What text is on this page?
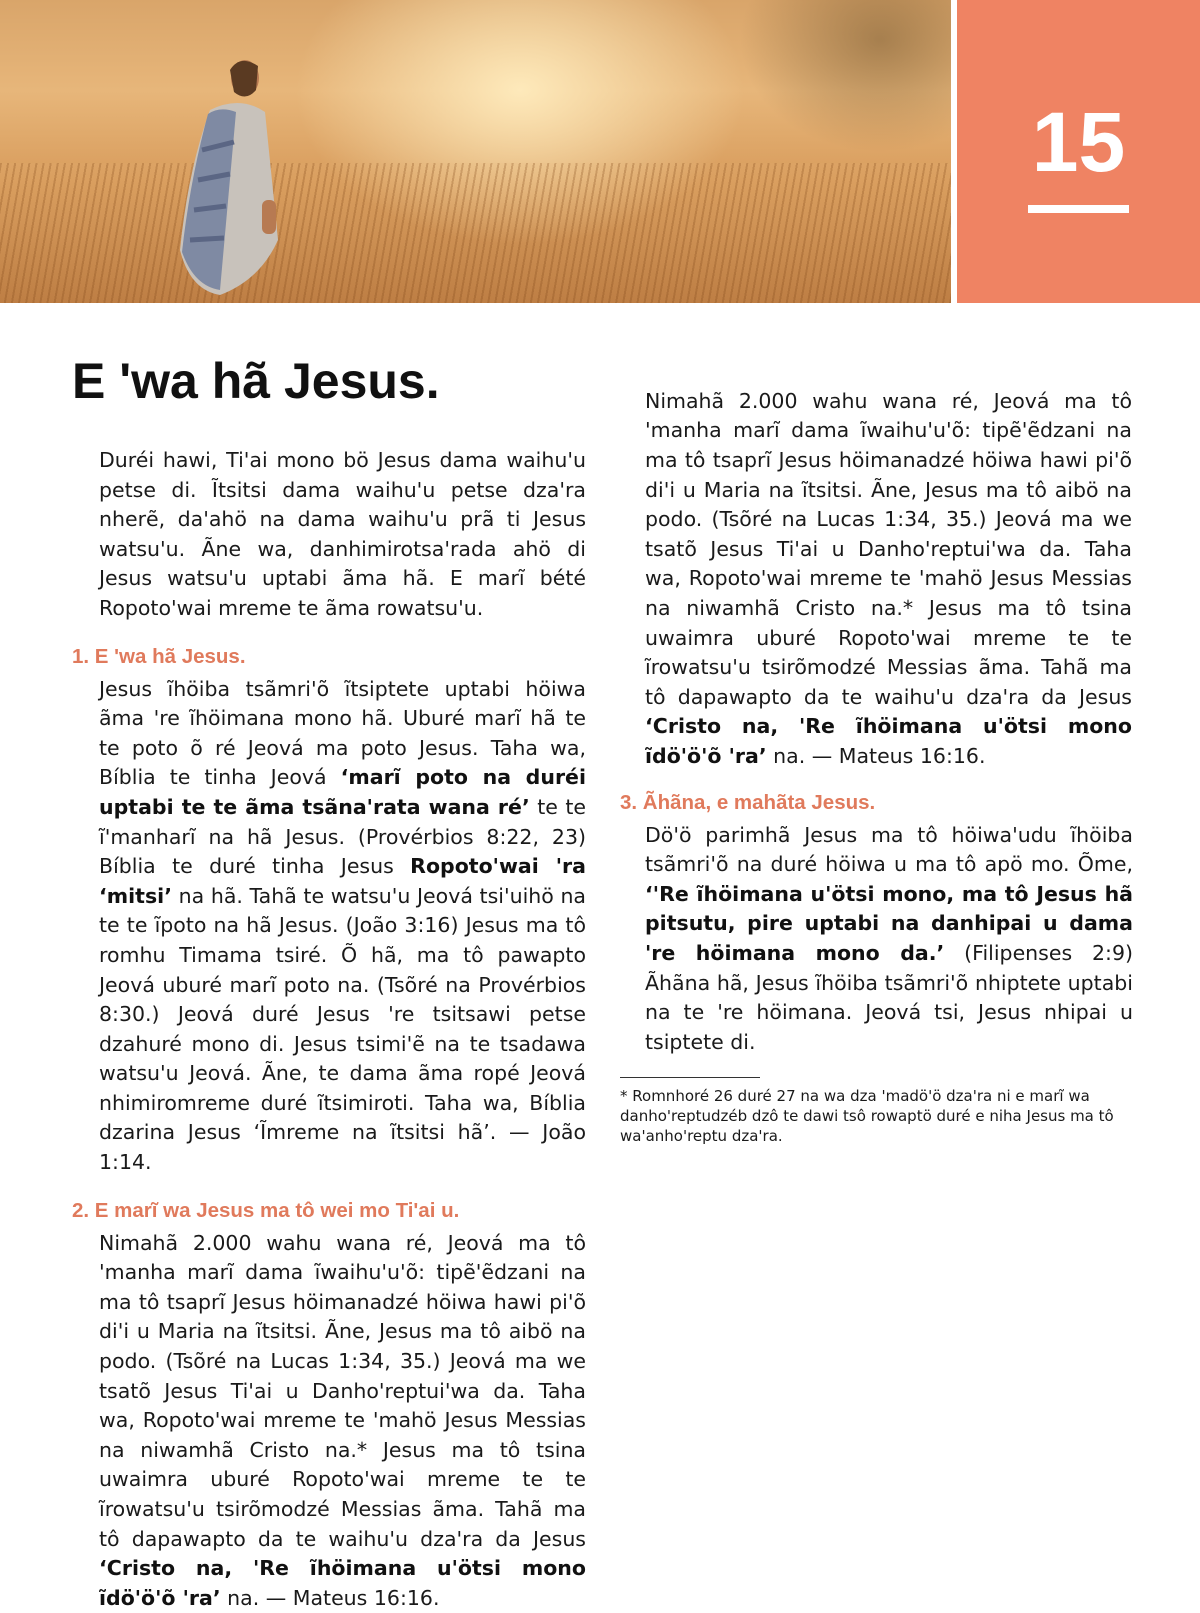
15
E 'wa hã Jesus.

Duréi hawi, Ti'ai mono bö Jesus dama waihu'u petse di. Ĩtsitsi dama waihu'u petse dza'ra nherẽ, da'ahö na dama waihu'u prã ti Jesus watsu'u. Ãne wa, danhimirotsa'rada ahö di Jesus watsu'u uptabi ãma hã. E marĩ bété Ropoto'wai mreme te ãma rowatsu'u.

1. E 'wa hã Jesus.

Jesus ĩhöiba tsãmri'õ ĩtsiptete uptabi höiwa ãma 're ĩhöimana mono hã. Uburé marĩ hã te te poto õ ré Jeová ma poto Jesus. Taha wa, Bíblia te tinha Jeová ‘marĩ poto na duréi uptabi te te ãma tsãna'rata wana ré’ te te ĩ'manharĩ na hã Jesus. (Provérbios 8:22, 23) Bíblia te duré tinha Jesus Ropoto'wai 'ra ‘mitsi’ na hã. Tahã te watsu'u Jeová tsi'uihö na te te ĩpoto na hã Jesus. (João 3:16) Jesus ma tô romhu Timama tsiré. Õ hã, ma tô pawapto Jeová uburé marĩ poto na. (Tsõré na Provérbios 8:30.) Jeová duré Jesus 're tsitsawi petse dzahuré mono di. Jesus tsimi'ẽ na te tsadawa watsu'u Jeová. Ãne, te dama ãma ropé Jeová nhimiromreme duré ĩtsimiroti. Taha wa, Bíblia dzarina Jesus ‘Ĩmreme na ĩtsitsi hã’. — João 1:14.

2. E marĩ wa Jesus ma tô wei mo Ti'ai u.

Nimahã 2.000 wahu wana ré, Jeová ma tô 'manha marĩ dama ĩwaihu'u'õ: tipẽ'ẽdzani na ma tô tsaprĩ Jesus höimanadzé höiwa hawi pi'õ di'i u Maria na ĩtsitsi. Ãne, Jesus ma tô aibö na podo. (Tsõré na Lucas 1:34, 35.) Jeová ma we tsatõ Jesus Ti'ai u Danho'reptui'wa da. Taha wa, Ropoto'wai mreme te 'mahö Jesus Messias na niwamhã Cristo na.* Jesus ma tô tsina uwaimra uburé Ropoto'wai mreme te te ĩrowatsu'u tsirõmodzé Messias ãma. Tahã ma tô dapawapto da te waihu'u dza'ra da Jesus ‘Cristo na, 'Re ĩhöimana u'ötsi mono ĩdö'ö'õ 'ra’ na. — Mateus 16:16.

Nimahã 2.000 wahu wana ré, Jeová ma tô 'manha marĩ dama ĩwaihu'u'õ: tipẽ'ẽdzani na ma tô tsaprĩ Jesus höimanadzé höiwa hawi pi'õ di'i u Maria na ĩtsitsi. Ãne, Jesus ma tô aibö na podo. (Tsõré na Lucas 1:34, 35.) Jeová ma we tsatõ Jesus Ti'ai u Danho'reptui'wa da. Taha wa, Ropoto'wai mreme te 'mahö Jesus Messias na niwamhã Cristo na.* Jesus ma tô tsina uwaimra uburé Ropoto'wai mreme te te ĩrowatsu'u tsirõmodzé Messias ãma. Tahã ma tô dapawapto da te waihu'u dza'ra da Jesus ‘Cristo na, 'Re ĩhöimana u'ötsi mono ĩdö'ö'õ 'ra’ na. — Mateus 16:16.

3. Ãhãna, e mahãta Jesus.

Dö'ö parimhã Jesus ma tô höiwa'udu ĩhöiba tsãmri'õ na duré höiwa u ma tô apö mo. Õme, ‘'Re ĩhöimana u'ötsi mono, ma tô Jesus hã pitsutu, pire uptabi na danhipai u dama 're höimana mono da.’ (Filipenses 2:9) Ãhãna hã, Jesus ĩhöiba tsãmri'õ nhiptete uptabi na te 're höimana. Jeová tsi, Jesus nhipai u tsiptete di.

* Romnhoré 26 duré 27 na wa dza 'madö'ö dza'ra ni e marĩ wa danho'reptudzéb dzô te dawi tsô rowaptö duré e niha Jesus ma tô wa'anho'reptu dza'ra.
